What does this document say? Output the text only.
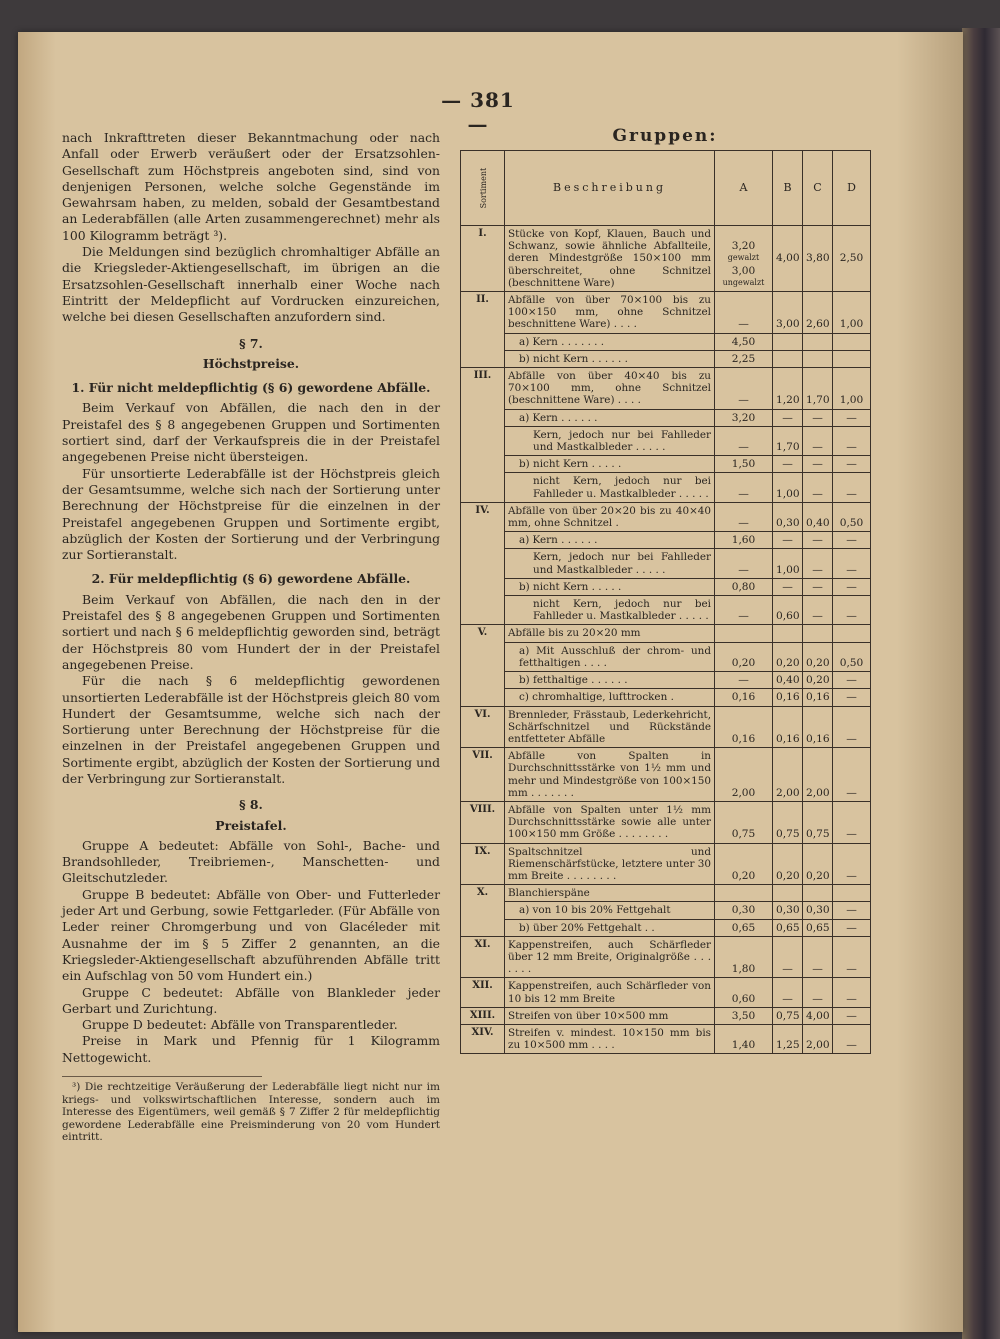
— 381 —

nach Inkrafttreten dieser Bekanntmachung oder nach Anfall oder Erwerb veräußert oder der Ersatzsohlen-Gesellschaft zum Höchstpreis angeboten sind, sind von denjenigen Personen, welche solche Gegenstände im Gewahrsam haben, zu melden, sobald der Gesamtbestand an Lederabfällen (alle Arten zusammengerechnet) mehr als 100 Kilogramm beträgt ³).

Die Meldungen sind bezüglich chromhaltiger Abfälle an die Kriegsleder-Aktiengesellschaft, im übrigen an die Ersatzsohlen-Gesellschaft innerhalb einer Woche nach Eintritt der Meldepflicht auf Vordrucken einzureichen, welche bei diesen Gesellschaften anzufordern sind.

§ 7.

Höchstpreise.

1. Für nicht meldepflichtig (§ 6) gewordene Abfälle.

Beim Verkauf von Abfällen, die nach den in der Preistafel des § 8 angegebenen Gruppen und Sortimenten sortiert sind, darf der Verkaufspreis die in der Preistafel angegebenen Preise nicht übersteigen.

Für unsortierte Lederabfälle ist der Höchstpreis gleich der Gesamtsumme, welche sich nach der Sortierung unter Berechnung der Höchstpreise für die einzelnen in der Preistafel angegebenen Gruppen und Sortimente ergibt, abzüglich der Kosten der Sortierung und der Verbringung zur Sortieranstalt.

2. Für meldepflichtig (§ 6) gewordene Abfälle.

Beim Verkauf von Abfällen, die nach den in der Preistafel des § 8 angegebenen Gruppen und Sortimenten sortiert und nach § 6 meldepflichtig geworden sind, beträgt der Höchstpreis 80 vom Hundert der in der Preistafel angegebenen Preise.

Für die nach § 6 meldepflichtig gewordenen unsortierten Lederabfälle ist der Höchstpreis gleich 80 vom Hundert der Gesamtsumme, welche sich nach der Sortierung unter Berechnung der Höchstpreise für die einzelnen in der Preistafel angegebenen Gruppen und Sortimente ergibt, abzüglich der Kosten der Sortierung und der Verbringung zur Sortieranstalt.

§ 8.

Preistafel.

Gruppe A bedeutet: Abfälle von Sohl-, Bache- und Brandsohlleder, Treibriemen-, Manschetten- und Gleitschutzleder.

Gruppe B bedeutet: Abfälle von Ober- und Futterleder jeder Art und Gerbung, sowie Fettgarleder. (Für Abfälle von Leder reiner Chromgerbung und von Glacéleder mit Ausnahme der im § 5 Ziffer 2 genannten, an die Kriegsleder-Aktiengesellschaft abzuführenden Abfälle tritt ein Aufschlag von 50 vom Hundert ein.)

Gruppe C bedeutet: Abfälle von Blankleder jeder Gerbart und Zurichtung.

Gruppe D bedeutet: Abfälle von Transparentleder.

Preise in Mark und Pfennig für 1 Kilogramm Nettogewicht.

³) Die rechtzeitige Veräußerung der Lederabfälle liegt nicht nur im kriegs- und volkswirtschaftlichen Interesse, sondern auch im Interesse des Eigentümers, weil gemäß § 7 Ziffer 2 für meldepflichtig gewordene Lederabfälle eine Preisminderung von 20 vom Hundert eintritt.

Gruppen:
Sortiment	Beschreibung	A	B	C	D
I.	Stücke von Kopf, Klauen, Bauch und Schwanz, sowie ähnliche Abfallteile, deren Mindestgröße 150×100 mm überschreitet, ohne Schnitzel (beschnittene Ware)	3,20
gewalzt
3,00
ungewalzt	4,00	3,80	2,50
II.	Abfälle von über 70×100 bis zu 100×150 mm, ohne Schnitzel beschnittene Ware) . . . .	—	3,00	2,60	1,00
	a) Kern . . . . . . .	4,50			
	b) nicht Kern . . . . . .	2,25			
III.	Abfälle von über 40×40 bis zu 70×100 mm, ohne Schnitzel (beschnittene Ware) . . . .	—	1,20	1,70	1,00
	a) Kern . . . . . .	3,20	—	—	—
	Kern, jedoch nur bei Fahlleder und Mastkalbleder . . . . .	—	1,70	—	—
	b) nicht Kern . . . . .	1,50	—	—	—
	nicht Kern, jedoch nur bei Fahlleder u. Mastkalbleder . . . . .	—	1,00	—	—
IV.	Abfälle von über 20×20 bis zu 40×40 mm, ohne Schnitzel .	—	0,30	0,40	0,50
	a) Kern . . . . . .	1,60	—	—	—
	Kern, jedoch nur bei Fahlleder und Mastkalbleder . . . . .	—	1,00	—	—
	b) nicht Kern . . . . .	0,80	—	—	—
	nicht Kern, jedoch nur bei Fahlleder u. Mastkalbleder . . . . .	—	0,60	—	—
V.	Abfälle bis zu 20×20 mm				
	a) Mit Ausschluß der chrom- und fetthaltigen . . . .	0,20	0,20	0,20	0,50
	b) fetthaltige . . . . . .	—	0,40	0,20	—
	c) chromhaltige, lufttrocken .	0,16	0,16	0,16	—
VI.	Brennleder, Frässtaub, Lederkehricht, Schärfschnitzel und Rückstände entfetteter Abfälle	0,16	0,16	0,16	—
VII.	Abfälle von Spalten in Durchschnittsstärke von 1½ mm und mehr und Mindestgröße von 100×150 mm . . . . . . .	2,00	2,00	2,00	—
VIII.	Abfälle von Spalten unter 1½ mm Durchschnittsstärke sowie alle unter 100×150 mm Größe . . . . . . . .	0,75	0,75	0,75	—
IX.	Spaltschnitzel und Riemenschärfstücke, letztere unter 30 mm Breite . . . . . . . .	0,20	0,20	0,20	—
X.	Blanchierspäne				
	a) von 10 bis 20% Fettgehalt	0,30	0,30	0,30	—
	b) über 20% Fettgehalt . .	0,65	0,65	0,65	—
XI.	Kappenstreifen, auch Schärfleder über 12 mm Breite, Originalgröße . . . . . . .	1,80	—	—	—
XII.	Kappenstreifen, auch Schärfleder von 10 bis 12 mm Breite	0,60	—	—	—
XIII.	Streifen von über 10×500 mm	3,50	0,75	4,00	—
XIV.	Streifen v. mindest. 10×150 mm bis zu 10×500 mm . . . .	1,40	1,25	2,00	—
